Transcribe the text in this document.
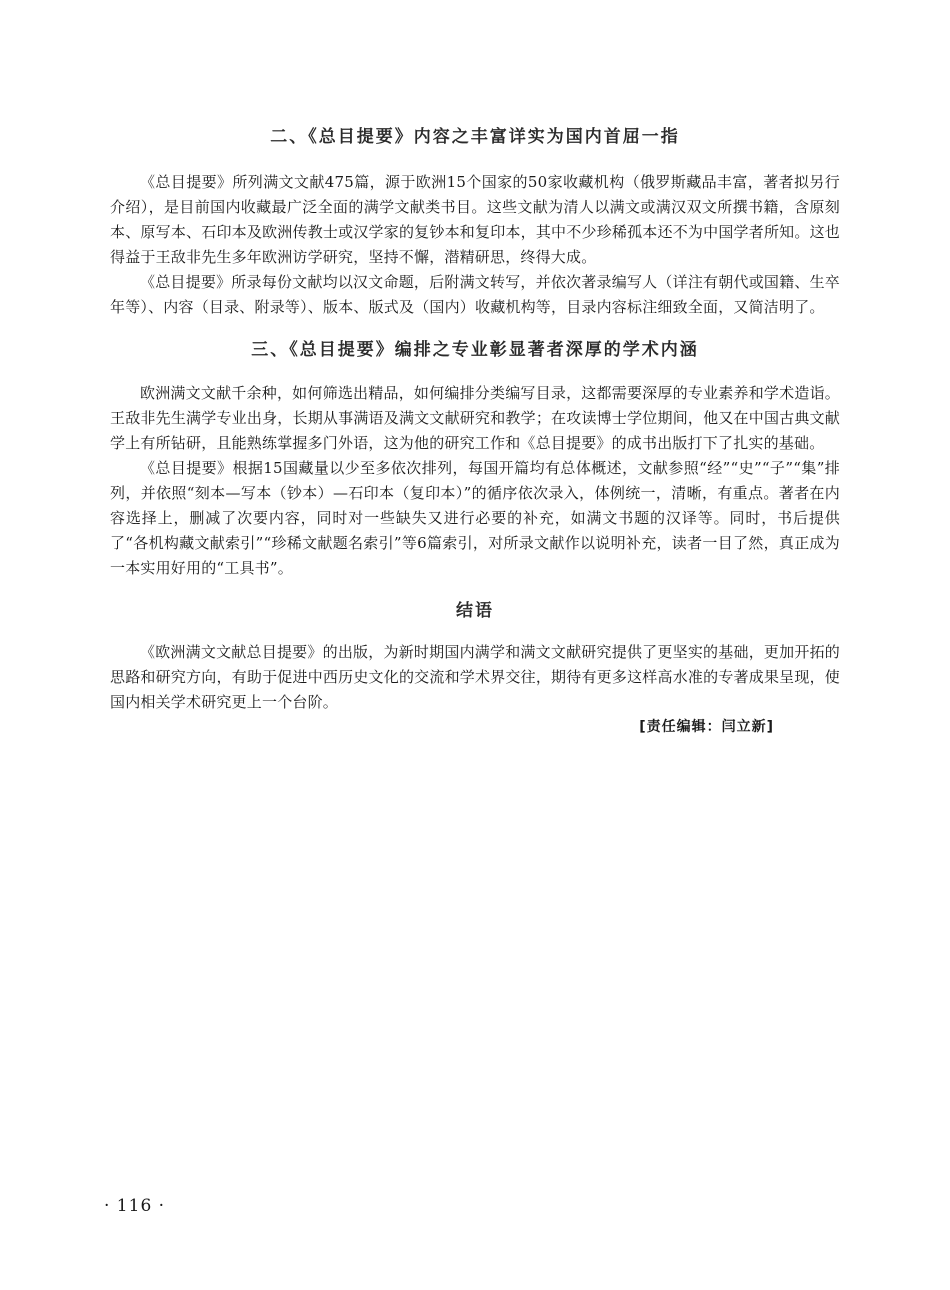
二、《总目提要》内容之丰富详实为国内首屈一指

《总目提要》所列满文文献475篇，源于欧洲15个国家的50家收藏机构（俄罗斯藏品丰富，著者拟另行介绍），是目前国内收藏最广泛全面的满学文献类书目。这些文献为清人以满文或满汉双文所撰书籍，含原刻本、原写本、石印本及欧洲传教士或汉学家的复钞本和复印本，其中不少珍稀孤本还不为中国学者所知。这也得益于王敌非先生多年欧洲访学研究，坚持不懈，潜精研思，终得大成。

《总目提要》所录每份文献均以汉文命题，后附满文转写，并依次著录编写人（详注有朝代或国籍、生卒年等）、内容（目录、附录等）、版本、版式及（国内）收藏机构等，目录内容标注细致全面，又简洁明了。

三、《总目提要》编排之专业彰显著者深厚的学术内涵

欧洲满文文献千余种，如何筛选出精品，如何编排分类编写目录，这都需要深厚的专业素养和学术造诣。王敌非先生满学专业出身，长期从事满语及满文文献研究和教学；在攻读博士学位期间，他又在中国古典文献学上有所钻研，且能熟练掌握多门外语，这为他的研究工作和《总目提要》的成书出版打下了扎实的基础。

《总目提要》根据15国藏量以少至多依次排列，每国开篇均有总体概述，文献参照“经”“史”“子”“集”排列，并依照“刻本—写本（钞本）—石印本（复印本）”的循序依次录入，体例统一，清晰，有重点。著者在内容选择上，删减了次要内容，同时对一些缺失又进行必要的补充，如满文书题的汉译等。同时，书后提供了“各机构藏文献索引”“珍稀文献题名索引”等6篇索引，对所录文献作以说明补充，读者一目了然，真正成为一本实用好用的“工具书”。

结语

《欧洲满文文献总目提要》的出版，为新时期国内满学和满文文献研究提供了更坚实的基础，更加开拓的思路和研究方向，有助于促进中西历史文化的交流和学术界交往，期待有更多这样高水准的专著成果呈现，使国内相关学术研究更上一个台阶。

[责任编辑：闫立新]

· 116 ·
